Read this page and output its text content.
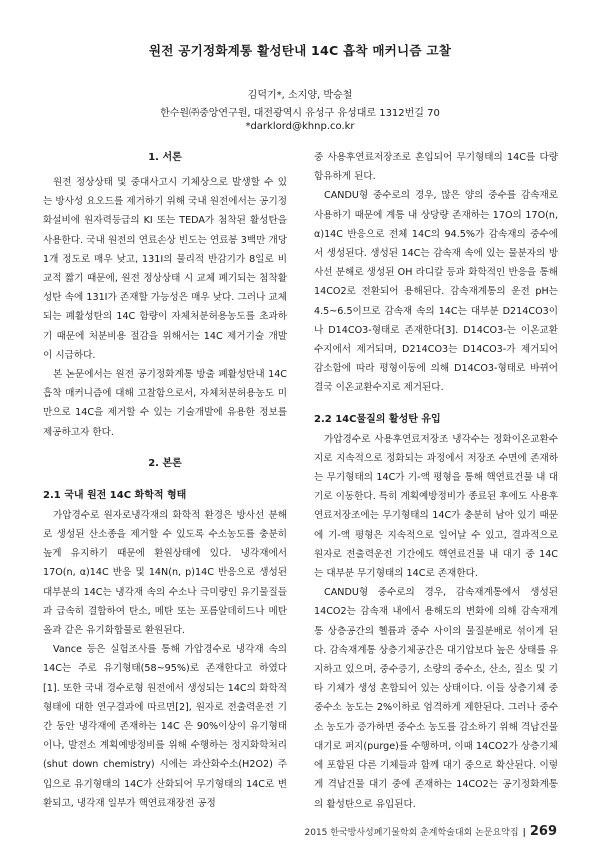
원전 공기정화계통 활성탄내 14C 흡착 매커니즘 고찰
김덕기*, 소지양, 박승철
한수원㈜중앙연구원, 대전광역시 유성구 유성대로 1312번길 70
*darklord@khnp.co.kr
1. 서론

원전 정상상태 및 중대사고시 기체상으로 발생할 수 있는 방사성 요오드를 제거하기 위해 국내 원전에서는 공기정화설비에 원자력등급의 KI 또는 TEDA가 첨착된 활성탄을 사용한다. 국내 원전의 연료손상 빈도는 연료봉 3백만 개당 1개 정도로 매우 낮고, 131I의 물리적 반감기가 8일로 비교적 짧기 때문에, 원전 정상상태 시 교체 폐기되는 첨착활성탄 속에 131I가 존재할 가능성은 매우 낮다. 그러나 교체되는 폐활성탄의 14C 함량이 자체처분허용농도를 초과하기 때문에 처분비용 절감을 위해서는 14C 제거기술 개발이 시급하다.

본 논문에서는 원전 공기정화계통 방출 폐활성탄내 14C흡착 매커니즘에 대해 고찰함으로서, 자체처분허용농도 미만으로 14C을 제거할 수 있는 기술개발에 유용한 정보를 제공하고자 한다.

2. 본론
2.1 국내 원전 14C 화학적 형태

가압경수로 원자로냉각재의 화학적 환경은 방사선 분해로 생성된 산소종을 제거할 수 있도록 수소농도를 충분히 높게 유지하기 때문에 환원상태에 있다. 냉각재에서 17O(n, α)14C 반응 및 14N(n, p)14C 반응으로 생성된 대부분의 14C는 냉각재 속의 수소나 극미량인 유기물질들과 급속히 결합하여 탄소, 메탄 또는 포름알데히드나 메탄올과 같은 유기화합물로 환원된다.

Vance 등은 실험조사를 통해 가압경수로 냉각재 속의 14C는 주로 유기형태(58~95%)로 존재한다고 하였다[1]. 또한 국내 경수로형 원전에서 생성되는 14C의 화학적 형태에 대한 연구결과에 따르면[2], 원자로 전출력운전 기간 동안 냉각재에 존재하는 14C 은 90%이상이 유기형태이나, 발전소 계획예방정비를 위해 수행하는 정지화학처리(shut down chemistry) 시에는 과산화수소(H2O2) 주입으로 유기형태의 14C가 산화되어 무기형태의 14C로 변환되고, 냉각재 일부가 핵연료재장전 공정

중 사용후연료저장조로 혼입되어 무기형태의 14C를 다량 함유하게 된다.

CANDU형 중수로의 경우, 많은 양의 중수를 감속재로 사용하기 때문에 계통 내 상당량 존재하는 17O의 17O(n, α)14C 반응으로 전체 14C의 94.5%가 감속재의 중수에서 생성된다. 생성된 14C는 감속재 속에 있는 물분자의 방사선 분해로 생성된 OH 라디칼 등과 화학적인 반응을 통해 14CO2로 전환되어 용해된다. 감속재계통의 운전 pH는 4.5~6.5이므로 감속재 속의 14C는 대부분 D214CO3이나 D14CO3-형태로 존재한다[3]. D14CO3-는 이온교환수지에서 제거되며, D214CO3는 D14CO3-가 제거되어 감소함에 따라 평형이동에 의해 D14CO3-형태로 바뀌어 결국 이온교환수지로 제거된다.

2.2 14C물질의 활성탄 유입

가압경수로 사용후연료저장조 냉각수는 정화이온교환수지로 지속적으로 정화되는 과정에서 저장조 수면에 존재하는 무기형태의 14C가 기-액 평형을 통해 핵연료건물 내 대기로 이동한다. 특히 계획예방정비가 종료된 후에도 사용후연료저장조에는 무기형태의 14C가 충분히 남아 있기 때문에 기-액 평형은 지속적으로 일어날 수 있고, 결과적으로 원자로 전출력운전 기간에도 핵연료건물 내 대기 중 14C는 대부분 무기형태의 14C로 존재한다.

CANDU형 중수로의 경우, 감속재계통에서 생성된 14CO2는 감속재 내에서 용해도의 변화에 의해 감속재계통 상층공간의 헬륨과 중수 사이의 물질분배로 섞이게 된다. 감속재계통 상층기체공간은 대기압보다 높은 상태를 유지하고 있으며, 중수증기, 소량의 중수소, 산소, 질소 및 기타 기체가 생성 혼합되어 있는 상태이다. 이들 상층기체 중 중수소 농도는 2%이하로 엄격하게 제한된다. 그러나 중수소 농도가 증가하면 중수소 농도를 감소하기 위해 격납건물 대기로 퍼지(purge)를 수행하며, 이때 14CO2가 상층기체에 포함된 다른 기체들과 함께 대기 중으로 확산된다. 이렇게 격납건물 대기 중에 존재하는 14CO2는 공기정화계통의 활성탄으로 유입된다.

2015 한국방사성폐기물학회 춘계학술대회 논문요약집 | 269
